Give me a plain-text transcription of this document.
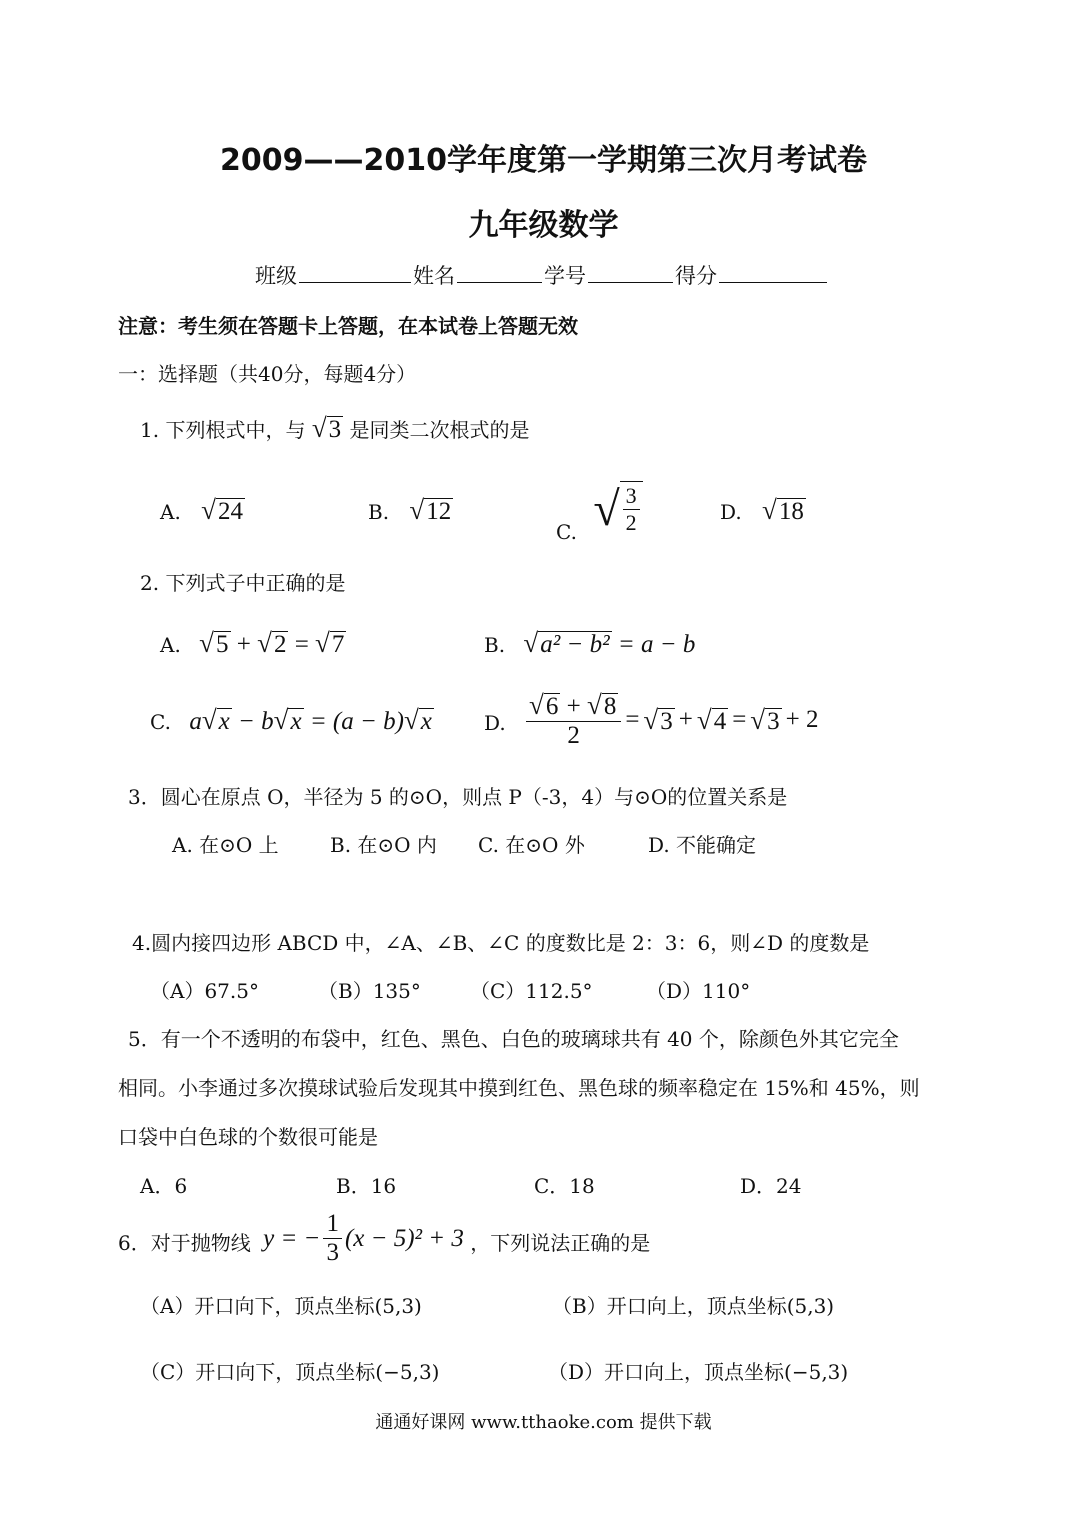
2009——2010学年度第一学期第三次月考试卷
九年级数学
班级	姓名	学号	得分
注意：考生须在答题卡上答题，在本试卷上答题无效
一：选择题（共40分，每题4分）
1. 下列根式中，与 √3 是同类二次根式的是
A. √24	B. √12
C. √ $\frac{3}{2}$	D. √18
2. 下列式子中正确的是
A. √5 + √2 = √7	B. √a² − b² = a − b
C. a√x − b√x = (a − b)√x	D. $\frac{√6 + √8}{2} = √3 + √4 = √3 + 2$
3．圆心在原点 O，半径为 5 的⊙O，则点 P（-3，4）与⊙O的位置关系是
A. 在⊙O 上	B. 在⊙O 内 C. 在⊙O 外	D. 不能确定
4.圆内接四边形 ABCD 中，∠A、∠B、∠C 的度数比是 2：3：6，则∠D 的度数是
（A）67.5°	（B）135° （C）112.5°	（D）110°
5．有一个不透明的布袋中，红色、黑色、白色的玻璃球共有 40 个，除颜色外其它完全
相同。小李通过多次摸球试验后发现其中摸到红色、黑色球的频率稳定在 15%和 45%，则
口袋中白色球的个数很可能是
A．6	B．16	C．18	D．24
6．对于抛物线 y = − $\frac{1}{3} (x - 5)^2 + 3$ ，下列说法正确的是
（A）开口向下，顶点坐标(5,3)	（B）开口向上，顶点坐标(5,3)
（C）开口向下，顶点坐标(−5,3)	（D）开口向上，顶点坐标(−5,3)
通通好课网 www.tthaoke.com 提供下载
